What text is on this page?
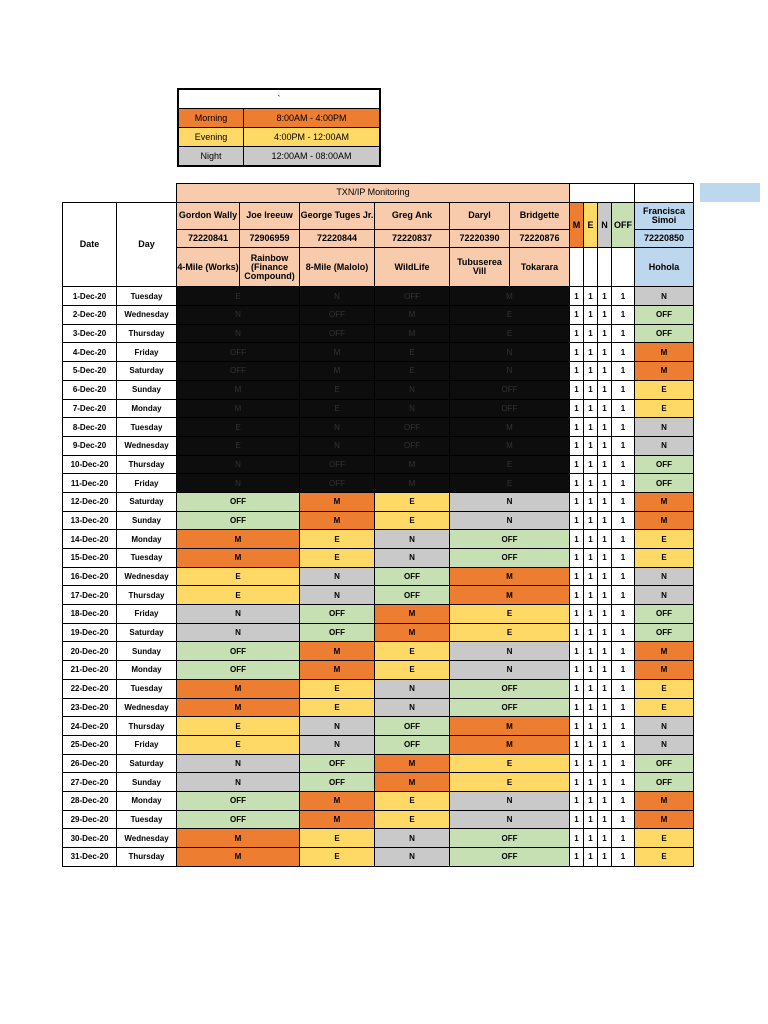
`	
Morning	8:00AM - 4:00PM
Evening	4:00PM - 12:00AM
Night	12:00AM - 08:00AM
		TXN/IP Monitoring										
Date	Day	Gordon Wally	Joe Ireeuw	George Tuges Jr.	Greg Ank	Daryl	Bridgette	M	E	N	OFF	Francisca Simoi
		72220841	72906959	72220844	72220837	72220390	72220876					72220850
		4-Mile (Works)	Rainbow (Finance Compound)	8-Mile (Malolo)	WildLife	Tubuserea Vill	Tokarara					Hohola
1-Dec-20	Tuesday	E		N	OFF	M		1	1	1	1	N
2-Dec-20	Wednesday	N		OFF	M	E		1	1	1	1	OFF
3-Dec-20	Thursday	N		OFF	M	E		1	1	1	1	OFF
4-Dec-20	Friday	OFF		M	E	N		1	1	1	1	M
5-Dec-20	Saturday	OFF		M	E	N		1	1	1	1	M
6-Dec-20	Sunday	M		E	N	OFF		1	1	1	1	E
7-Dec-20	Monday	M		E	N	OFF		1	1	1	1	E
8-Dec-20	Tuesday	E		N	OFF	M		1	1	1	1	N
9-Dec-20	Wednesday	E		N	OFF	M		1	1	1	1	N
10-Dec-20	Thursday	N		OFF	M	E		1	1	1	1	OFF
11-Dec-20	Friday	N		OFF	M	E		1	1	1	1	OFF
12-Dec-20	Saturday	OFF		M	E	N		1	1	1	1	M
13-Dec-20	Sunday	OFF		M	E	N		1	1	1	1	M
14-Dec-20	Monday	M		E	N	OFF		1	1	1	1	E
15-Dec-20	Tuesday	M		E	N	OFF		1	1	1	1	E
16-Dec-20	Wednesday	E		N	OFF	M		1	1	1	1	N
17-Dec-20	Thursday	E		N	OFF	M		1	1	1	1	N
18-Dec-20	Friday	N		OFF	M	E		1	1	1	1	OFF
19-Dec-20	Saturday	N		OFF	M	E		1	1	1	1	OFF
20-Dec-20	Sunday	OFF		M	E	N		1	1	1	1	M
21-Dec-20	Monday	OFF		M	E	N		1	1	1	1	M
22-Dec-20	Tuesday	M		E	N	OFF		1	1	1	1	E
23-Dec-20	Wednesday	M		E	N	OFF		1	1	1	1	E
24-Dec-20	Thursday	E		N	OFF	M		1	1	1	1	N
25-Dec-20	Friday	E		N	OFF	M		1	1	1	1	N
26-Dec-20	Saturday	N		OFF	M	E		1	1	1	1	OFF
27-Dec-20	Sunday	N		OFF	M	E		1	1	1	1	OFF
28-Dec-20	Monday	OFF		M	E	N		1	1	1	1	M
29-Dec-20	Tuesday	OFF		M	E	N		1	1	1	1	M
30-Dec-20	Wednesday	M		E	N	OFF		1	1	1	1	E
31-Dec-20	Thursday	M		E	N	OFF		1	1	1	1	E
